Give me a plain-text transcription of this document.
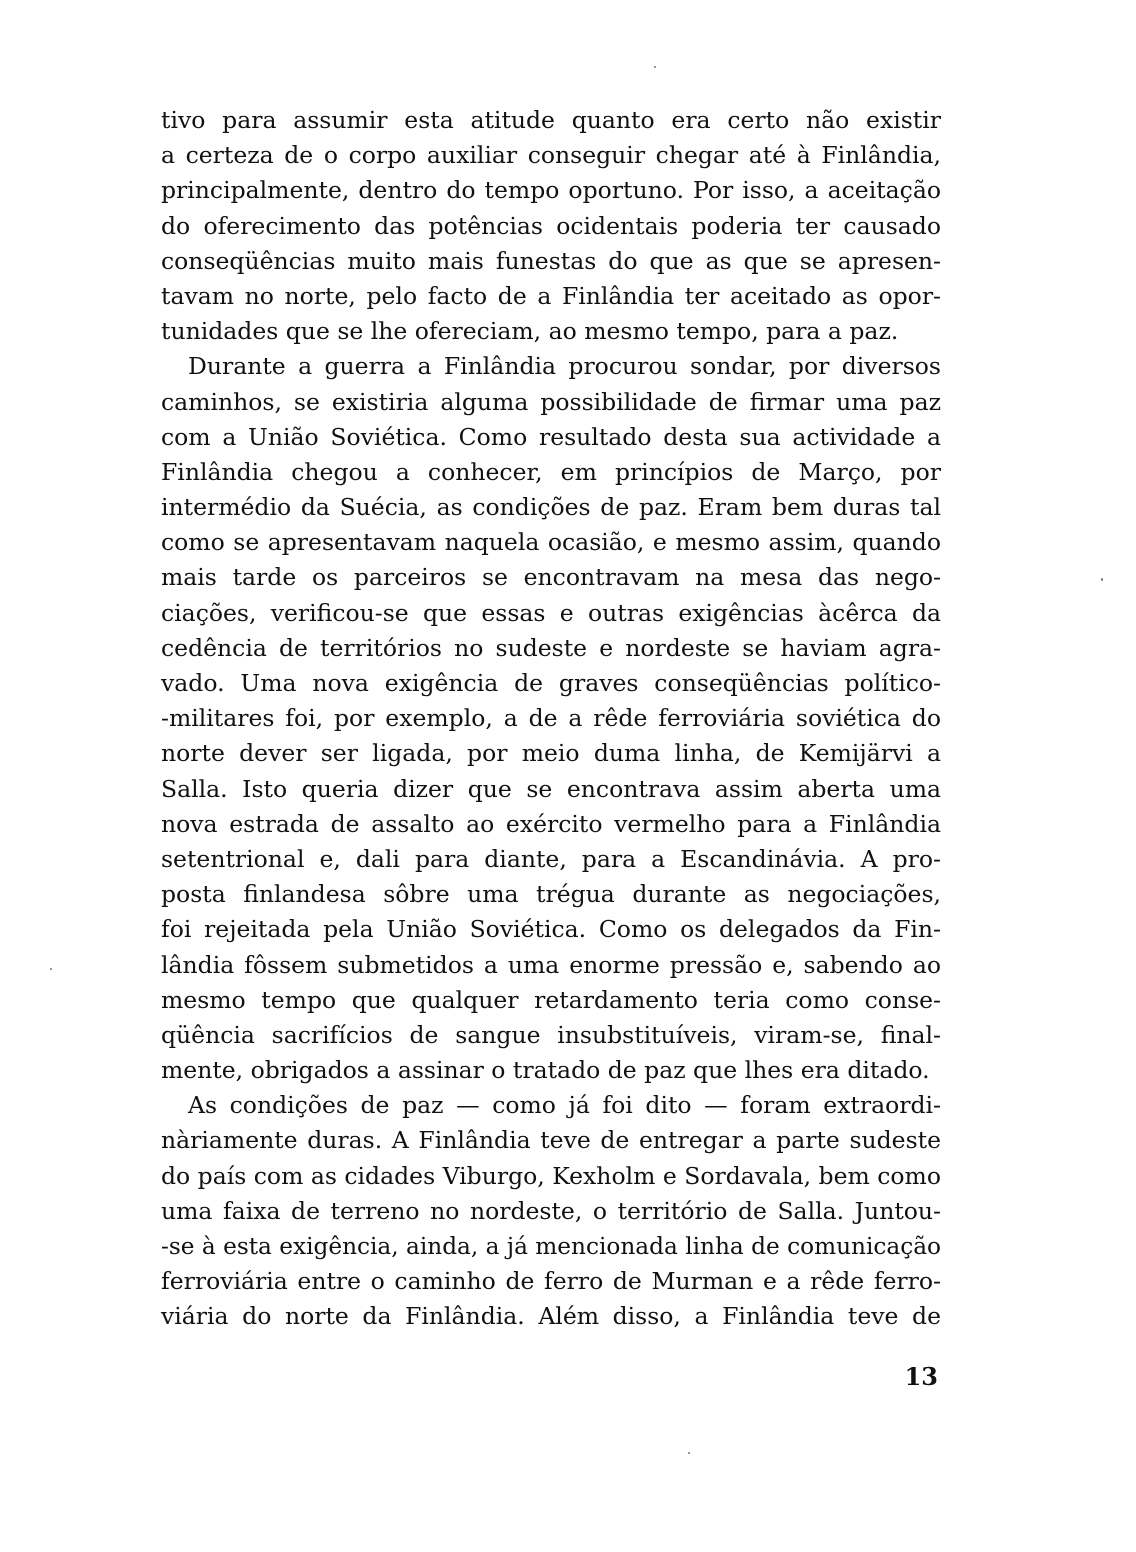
tivo para assumir esta atitude quanto era certo não existir
a certeza de o corpo auxiliar conseguir chegar até à Finlândia,
principalmente, dentro do tempo oportuno. Por isso, a aceitação
do oferecimento das potências ocidentais poderia ter causado
conseqüências muito mais funestas do que as que se apresen-
tavam no norte, pelo facto de a Finlândia ter aceitado as opor-
tunidades que se lhe ofereciam, ao mesmo tempo, para a paz.
Durante a guerra a Finlândia procurou sondar, por diversos
caminhos, se existiria alguma possibilidade de firmar uma paz
com a União Soviética. Como resultado desta sua actividade a
Finlândia chegou a conhecer, em princípios de Março, por
intermédio da Suécia, as condições de paz. Eram bem duras tal
como se apresentavam naquela ocasião, e mesmo assim, quando
mais tarde os parceiros se encontravam na mesa das nego-
ciações, verificou-se que essas e outras exigências àcêrca da
cedência de territórios no sudeste e nordeste se haviam agra-
vado. Uma nova exigência de graves conseqüências político-
-militares foi, por exemplo, a de a rêde ferroviária soviética do
norte dever ser ligada, por meio duma linha, de Kemijärvi a
Salla. Isto queria dizer que se encontrava assim aberta uma
nova estrada de assalto ao exército vermelho para a Finlândia
setentrional e, dali para diante, para a Escandinávia. A pro-
posta finlandesa sôbre uma trégua durante as negociações,
foi rejeitada pela União Soviética. Como os delegados da Fin-
lândia fôssem submetidos a uma enorme pressão e, sabendo ao
mesmo tempo que qualquer retardamento teria como conse-
qüência sacrifícios de sangue insubstituíveis, viram-se, final-
mente, obrigados a assinar o tratado de paz que lhes era ditado.
As condições de paz — como já foi dito — foram extraordi-
nàriamente duras. A Finlândia teve de entregar a parte sudeste
do país com as cidades Viburgo, Kexholm e Sordavala, bem como
uma faixa de terreno no nordeste, o território de Salla. Juntou-
-se à esta exigência, ainda, a já mencionada linha de comunicação
ferroviária entre o caminho de ferro de Murman e a rêde ferro-
viária do norte da Finlândia. Além disso, a Finlândia teve de
13
